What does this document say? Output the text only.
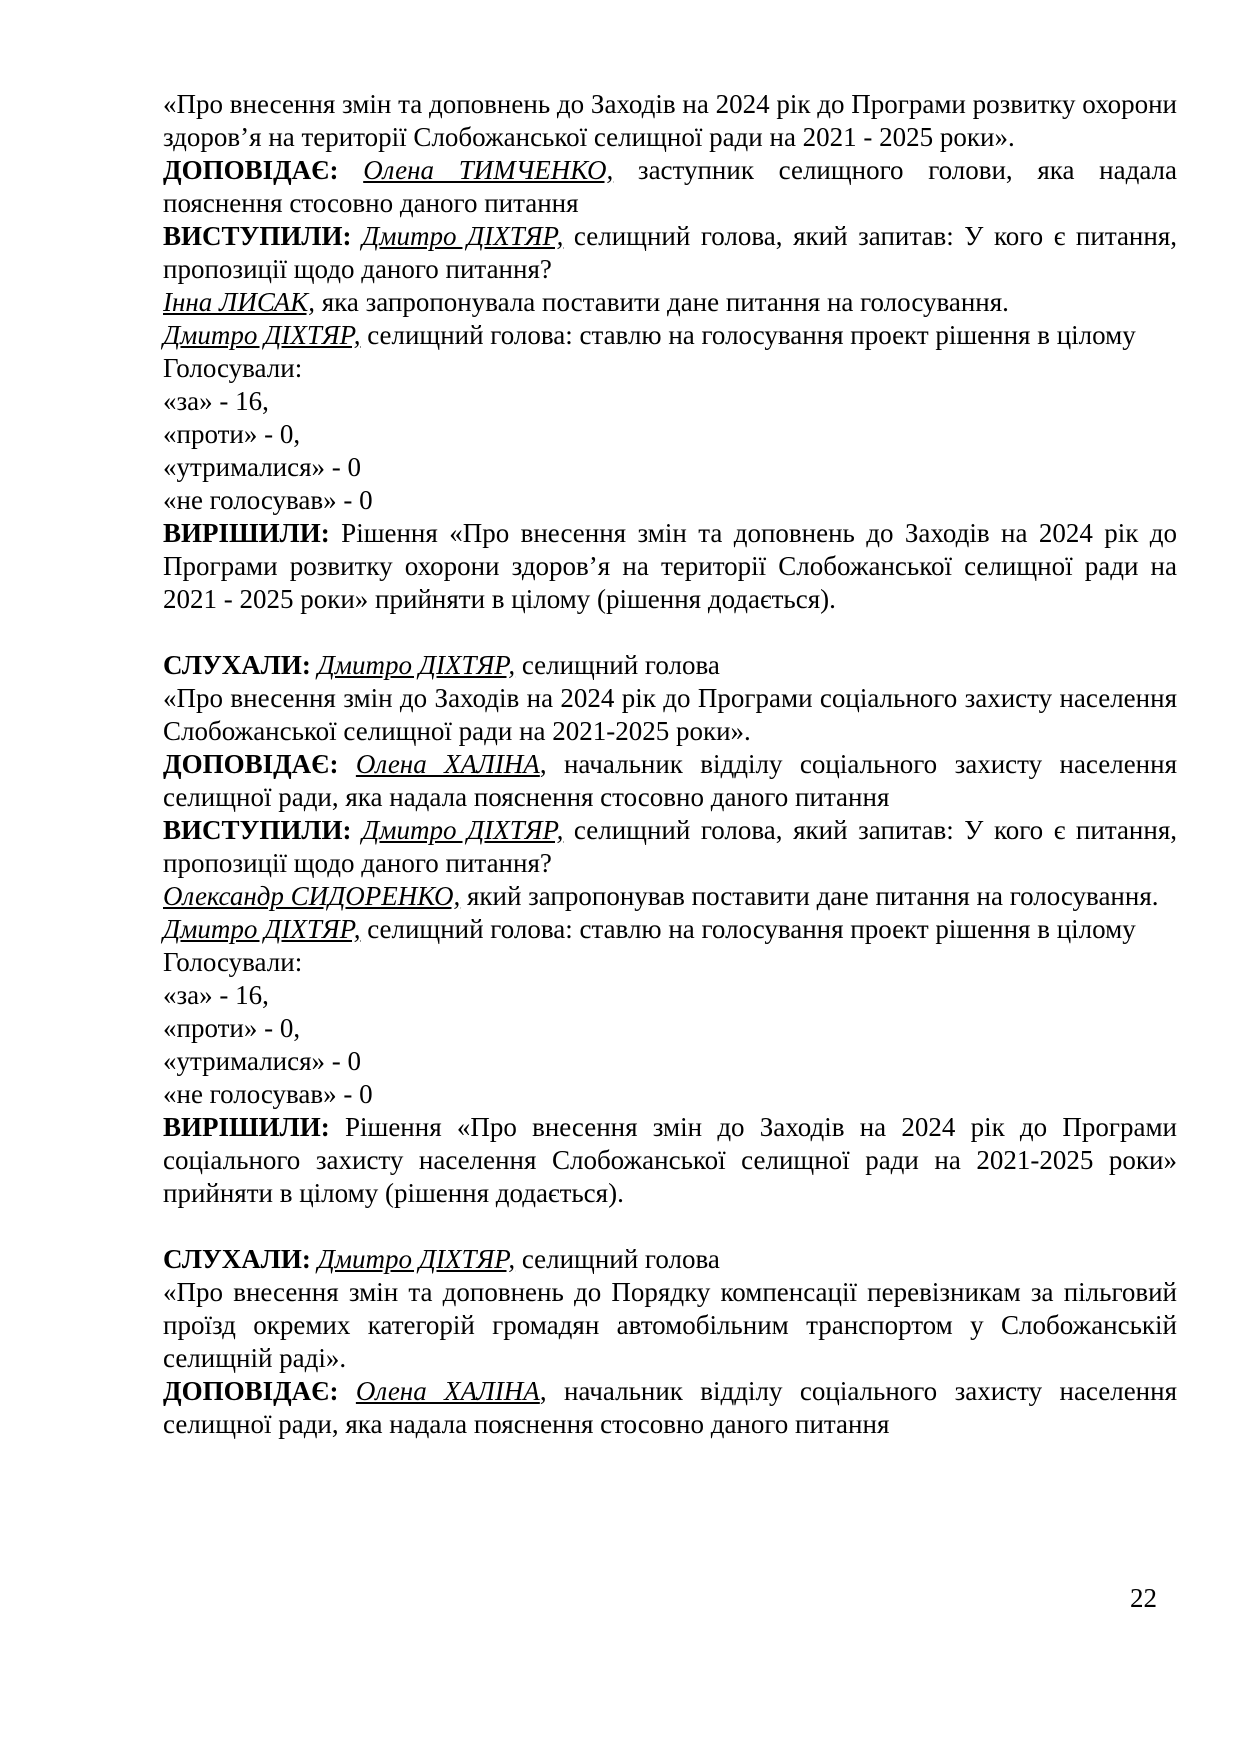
«Про внесення змін та доповнень до Заходів на 2024 рік до Програми розвитку охорони здоров’я на території Слобожанської селищної ради на 2021 - 2025 роки».

ДОПОВІДАЄ: Олена ТИМЧЕНКО, заступник селищного голови, яка надала пояснення стосовно даного питання

ВИСТУПИЛИ: Дмитро ДІХТЯР, селищний голова, який запитав: У кого є питання, пропозиції щодо даного питання?

Інна ЛИСАК, яка запропонувала поставити дане питання на голосування.

Дмитро ДІХТЯР, селищний голова: ставлю на голосування проект рішення в цілому

Голосували:

«за» - 16,

«проти» - 0,

«утрималися» - 0

«не голосував» - 0

ВИРІШИЛИ: Рішення «Про внесення змін та доповнень до Заходів на 2024 рік до Програми розвитку охорони здоров’я на території Слобожанської селищної ради на 2021 - 2025 роки» прийняти в цілому (рішення додається).

СЛУХАЛИ: Дмитро ДІХТЯР, селищний голова

«Про внесення змін до Заходів на 2024 рік до Програми соціального захисту населення Слобожанської селищної ради на 2021-2025 роки».

ДОПОВІДАЄ: Олена ХАЛІНА, начальник відділу соціального захисту населення селищної ради, яка надала пояснення стосовно даного питання

ВИСТУПИЛИ: Дмитро ДІХТЯР, селищний голова, який запитав: У кого є питання, пропозиції щодо даного питання?

Олександр СИДОРЕНКО, який запропонував поставити дане питання на голосування.

Дмитро ДІХТЯР, селищний голова: ставлю на голосування проект рішення в цілому

Голосували:

«за» - 16,

«проти» - 0,

«утрималися» - 0

«не голосував» - 0

ВИРІШИЛИ: Рішення «Про внесення змін до Заходів на 2024 рік до Програми соціального захисту населення Слобожанської селищної ради на 2021-2025 роки» прийняти в цілому (рішення додається).

СЛУХАЛИ: Дмитро ДІХТЯР, селищний голова

«Про внесення змін та доповнень до Порядку компенсації перевізникам за пільговий проїзд окремих категорій громадян автомобільним транспортом у Слобожанській селищній раді».

ДОПОВІДАЄ: Олена ХАЛІНА, начальник відділу соціального захисту населення селищної ради, яка надала пояснення стосовно даного питання

22
